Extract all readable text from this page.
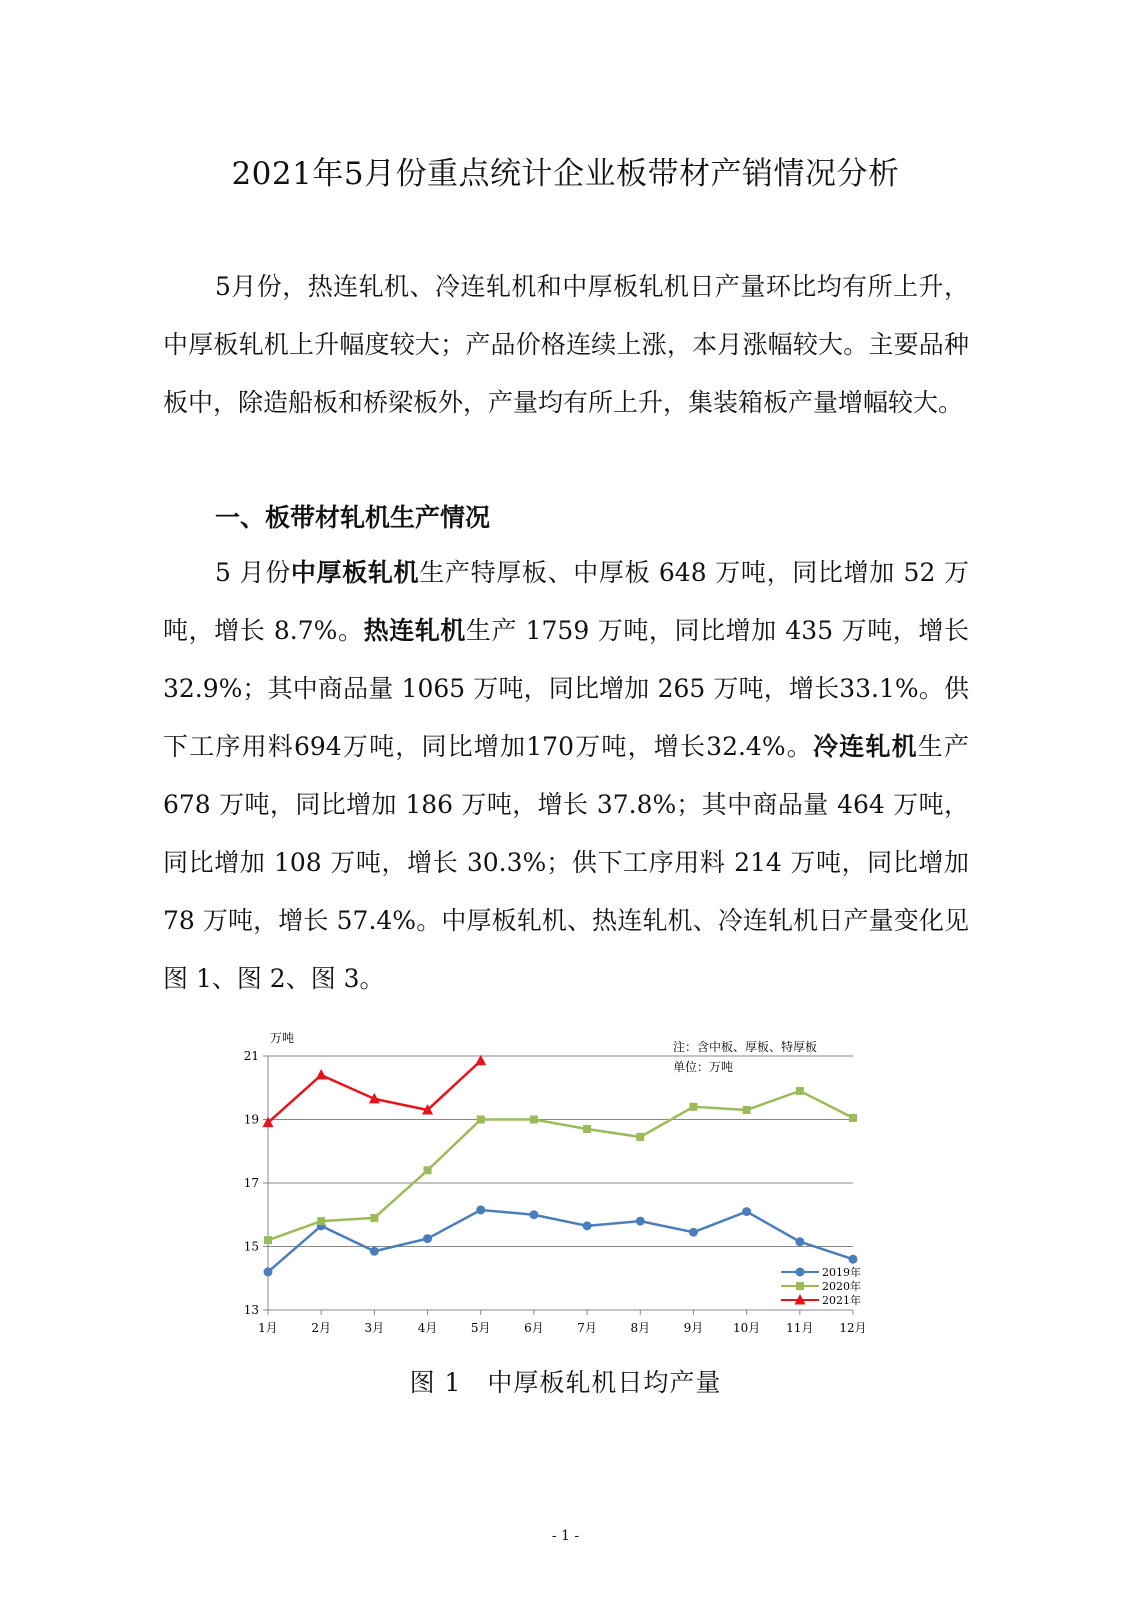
2021年5月份重点统计企业板带材产销情况分析
5月份，热连轧机、冷连轧机和中厚板轧机日产量环比均有所上升，中厚板轧机上升幅度较大；产品价格连续上涨，本月涨幅较大。主要品种板中，除造船板和桥梁板外，产量均有所上升，集装箱板产量增幅较大。
一、板带材轧机生产情况
5 月份中厚板轧机生产特厚板、中厚板 648 万吨，同比增加 52 万吨，增长 8.7%。热连轧机生产 1759 万吨，同比增加 435 万吨，增长 32.9%；其中商品量 1065 万吨，同比增加 265 万吨，增长33.1%。供下工序用料694万吨，同比增加170万吨，增长32.4%。冷连轧机生产 678 万吨，同比增加 186 万吨，增长 37.8%；其中商品量 464 万吨，同比增加 108 万吨，增长 30.3%；供下工序用料 214 万吨，同比增加 78 万吨，增长 57.4%。中厚板轧机、热连轧机、冷连轧机日产量变化见图 1、图 2、图 3。
13
15
17
19
21
1月	2月	3月	4月	5月	6月	7月	8月	9月 10月 11月 12月
万吨
注：含中板、厚板、特厚板
单位：万吨
2019年
2020年
2021年
图 1　中厚板轧机日均产量
- 1 -
